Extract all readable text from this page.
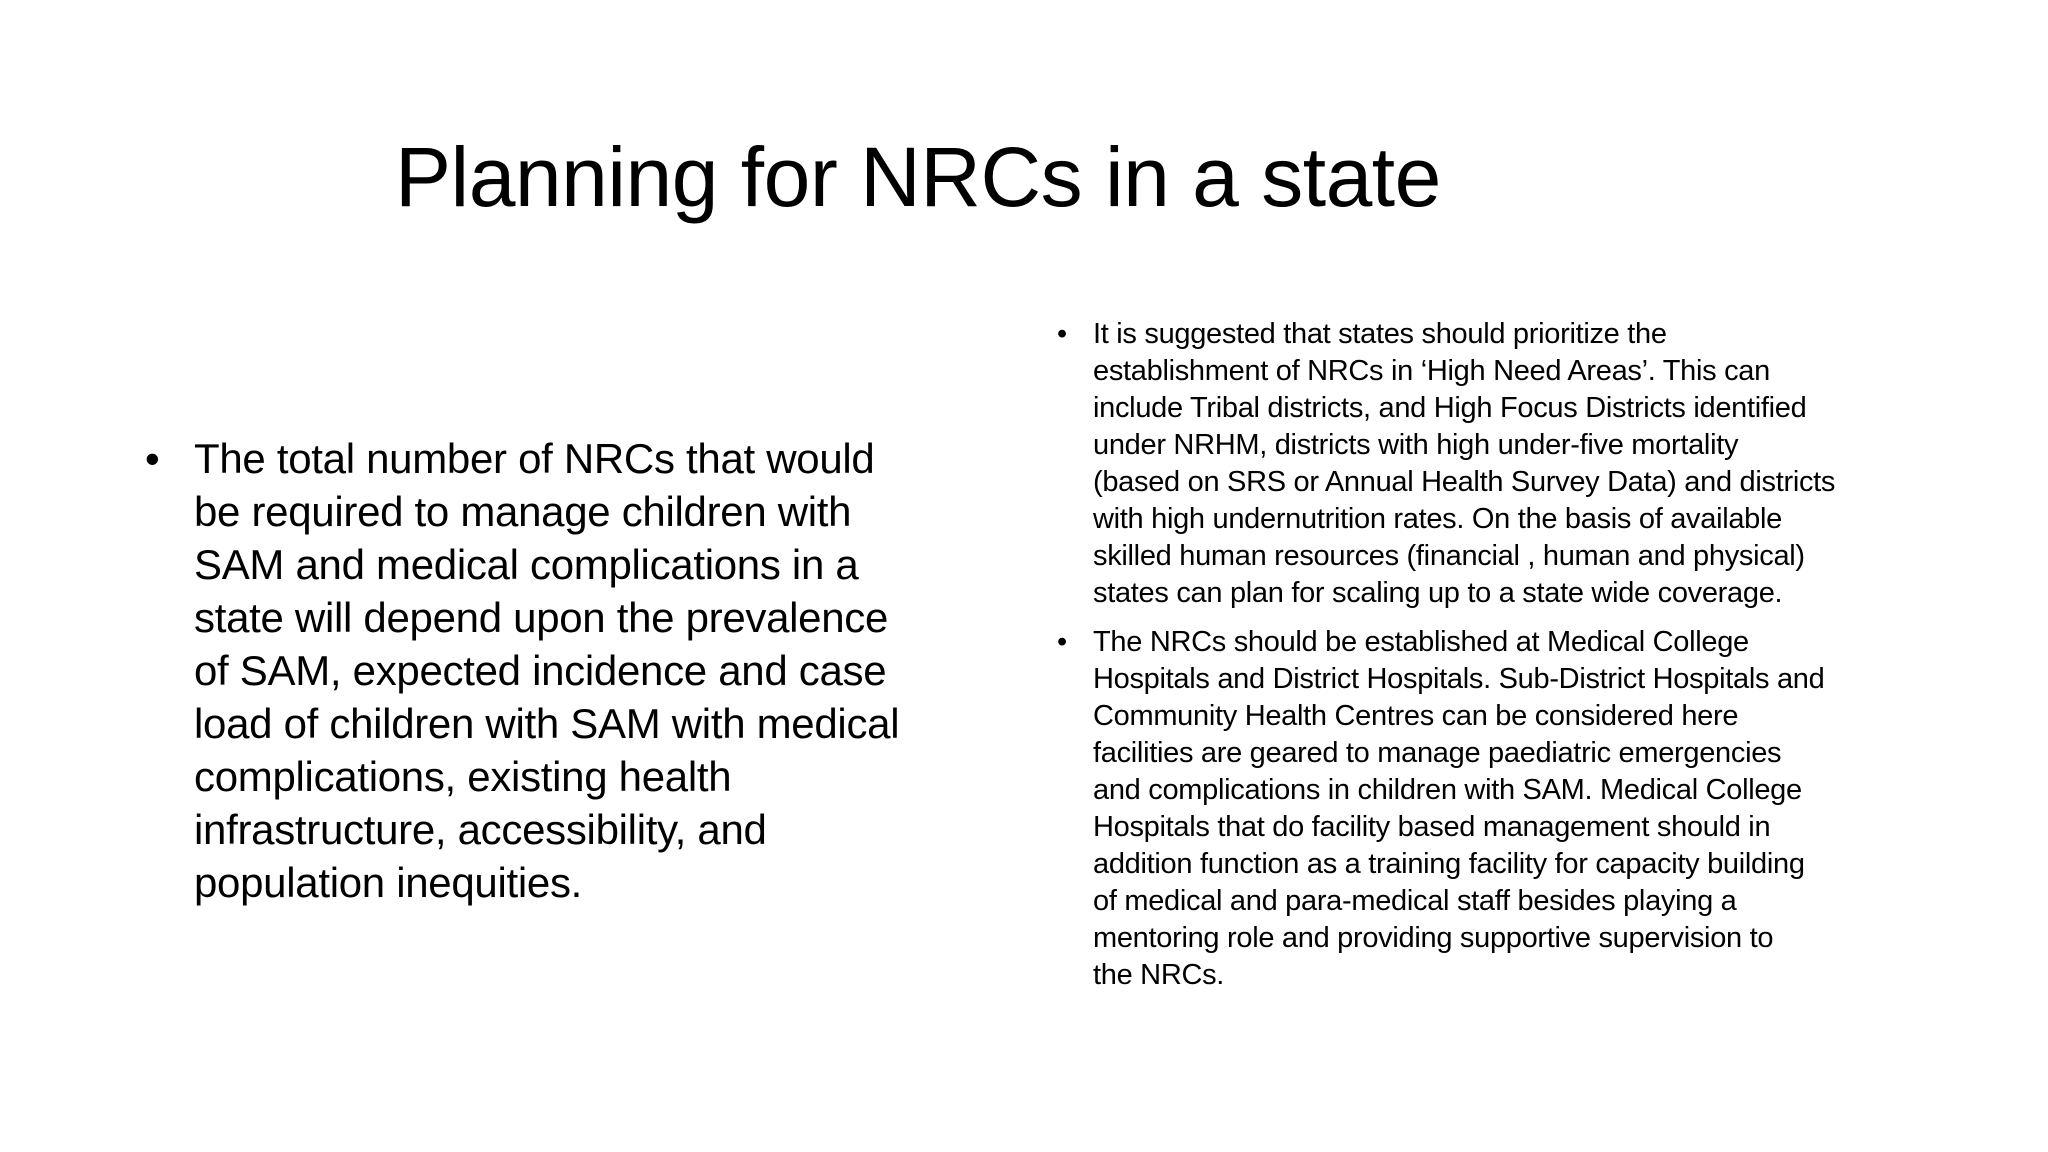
Planning for NRCs in a state
• The total number of NRCs that would
be required to manage children with
SAM and medical complications in a
state will depend upon the prevalence
of SAM, expected incidence and case
load of children with SAM with medical
complications, existing health
infrastructure, accessibility, and
population inequities.
• It is suggested that states should prioritize the
establishment of NRCs in ‘High Need Areas’. This can
include Tribal districts, and High Focus Districts identified
under NRHM, districts with high under-five mortality
(based on SRS or Annual Health Survey Data) and districts
with high undernutrition rates. On the basis of available
skilled human resources (financial , human and physical)
states can plan for scaling up to a state wide coverage.
• The NRCs should be established at Medical College
Hospitals and District Hospitals. Sub-District Hospitals and
Community Health Centres can be considered here
facilities are geared to manage paediatric emergencies
and complications in children with SAM. Medical College
Hospitals that do facility based management should in
addition function as a training facility for capacity building
of medical and para-medical staff besides playing a
mentoring role and providing supportive supervision to
the NRCs.
